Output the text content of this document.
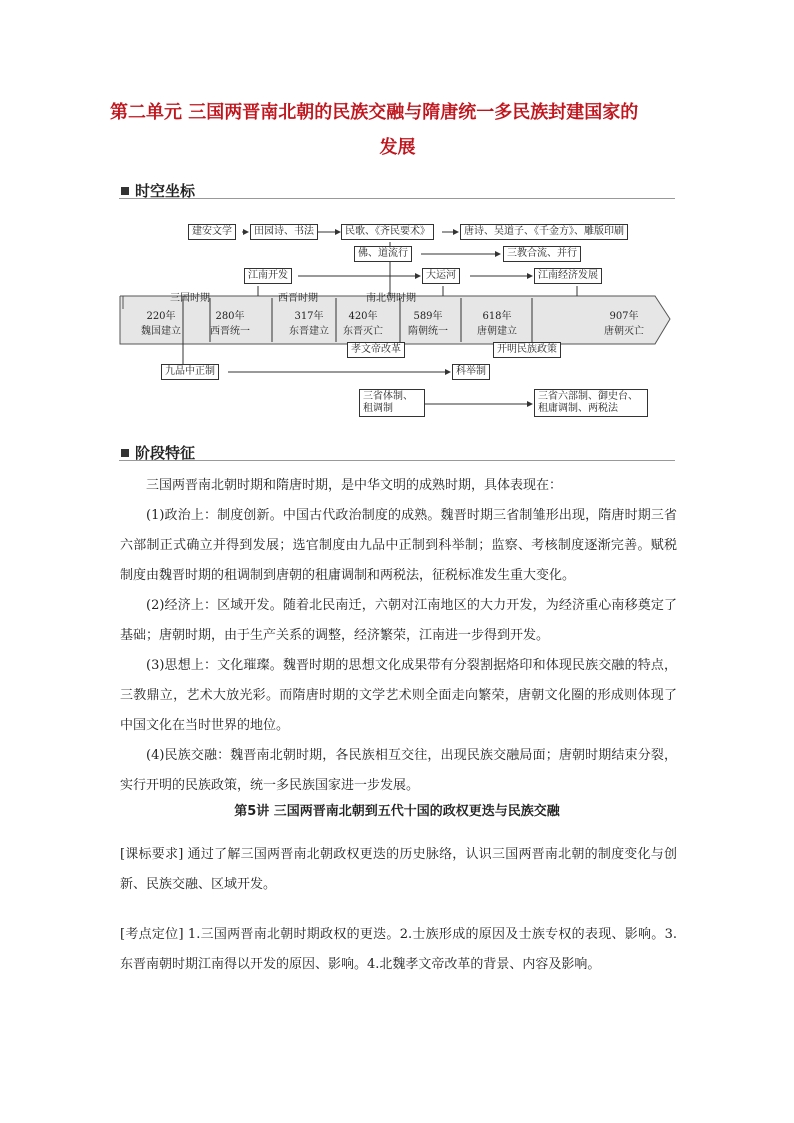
第二单元 三国两晋南北朝的民族交融与隋唐统一多民族封建国家的
发展
时空坐标
建安文学	田园诗、书法	民歌、《齐民要术》	唐诗、吴道子、《千金方》、雕版印刷
佛、道流行	三教合流、并行
江南开发	大运河	江南经济发展
三国时期	西晋时期	南北朝时期
220年
魏国建立
280年
西晋统一
317年
东晋建立
420年
东晋灭亡
589年
隋朝统一
618年
唐朝建立
907年
唐朝灭亡
孝文帝改革	开明民族政策
九品中正制	科举制
三省体制、
租调制
三省六部制、御史台、
租庸调制、两税法
阶段特征
三国两晋南北朝时期和隋唐时期，是中华文明的成熟时期，具体表现在：
(1)政治上：制度创新。中国古代政治制度的成熟。魏晋时期三省制雏形出现，隋唐时期三省六部制正式确立并得到发展；选官制度由九品中正制到科举制；监察、考核制度逐渐完善。赋税制度由魏晋时期的租调制到唐朝的租庸调制和两税法，征税标准发生重大变化。
(2)经济上：区域开发。随着北民南迁，六朝对江南地区的大力开发，为经济重心南移奠定了基础；唐朝时期，由于生产关系的调整，经济繁荣，江南进一步得到开发。
(3)思想上：文化璀璨。魏晋时期的思想文化成果带有分裂割据烙印和体现民族交融的特点，三教鼎立，艺术大放光彩。而隋唐时期的文学艺术则全面走向繁荣，唐朝文化圈的形成则体现了中国文化在当时世界的地位。
(4)民族交融：魏晋南北朝时期，各民族相互交往，出现民族交融局面；唐朝时期结束分裂，实行开明的民族政策，统一多民族国家进一步发展。
第5讲 三国两晋南北朝到五代十国的政权更迭与民族交融
[课标要求] 通过了解三国两晋南北朝政权更迭的历史脉络，认识三国两晋南北朝的制度变化与创新、民族交融、区域开发。
[考点定位] 1.三国两晋南北朝时期政权的更迭。2.士族形成的原因及士族专权的表现、影响。3.东晋南朝时期江南得以开发的原因、影响。4.北魏孝文帝改革的背景、内容及影响。
